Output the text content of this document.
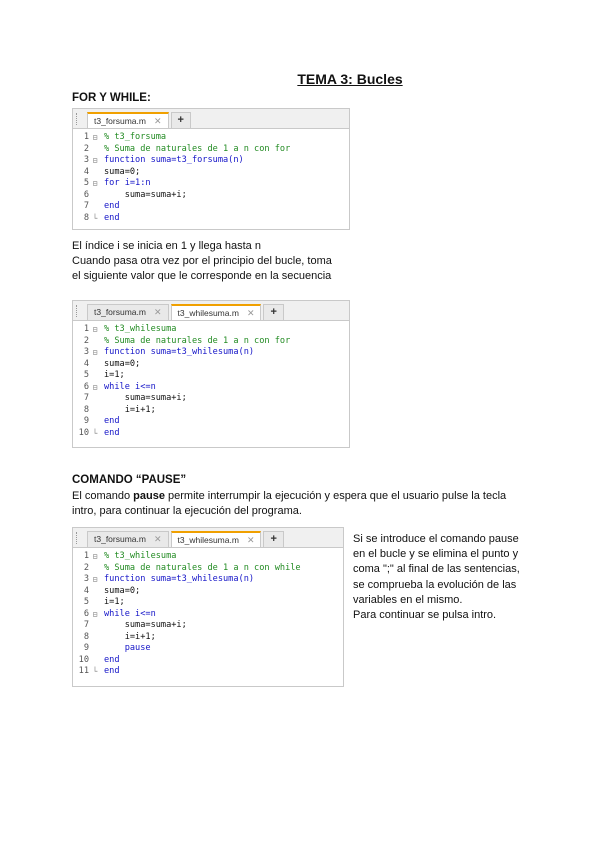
TEMA 3: Bucles
FOR Y WHILE:
t3_forsuma.m ✕	+
1 ⊟ % t3_forsuma
2	% Suma de naturales de 1 a n con for
3 ⊟ function suma=t3_forsuma(n)
4	suma=0;
5 ⊟ for i=1:n
6	suma=suma+i;
7	end
8 └ end
El índice i se inicia en 1 y llega hasta n
Cuando pasa otra vez por el principio del bucle, toma
el siguiente valor que le corresponde en la secuencia
t3_forsuma.m ✕ t3_whilesuma.m ✕	+
1 ⊟ % t3_whilesuma
2	% Suma de naturales de 1 a n con for
3 ⊟ function suma=t3_whilesuma(n)
4	suma=0;
5	i=1;
6 ⊟ while i<=n
7	suma=suma+i;
8	i=i+1;
9	end
10 └ end
COMANDO “PAUSE”
El comando pause permite interrumpir la ejecución y espera que el usuario pulse la tecla
intro, para continuar la ejecución del programa.
t3_forsuma.m ✕ t3_whilesuma.m ✕	+
1 ⊟ % t3_whilesuma
2	% Suma de naturales de 1 a n con while
3 ⊟ function suma=t3_whilesuma(n)
4	suma=0;
5	i=1;
6 ⊟ while i<=n
7	suma=suma+i;
8	i=i+1;
9	pause
10	end
11 └ end
Si se introduce el comando pause
en el bucle y se elimina el punto y
coma ";" al final de las sentencias,
se comprueba la evolución de las
variables en el mismo.
Para continuar se pulsa intro.
